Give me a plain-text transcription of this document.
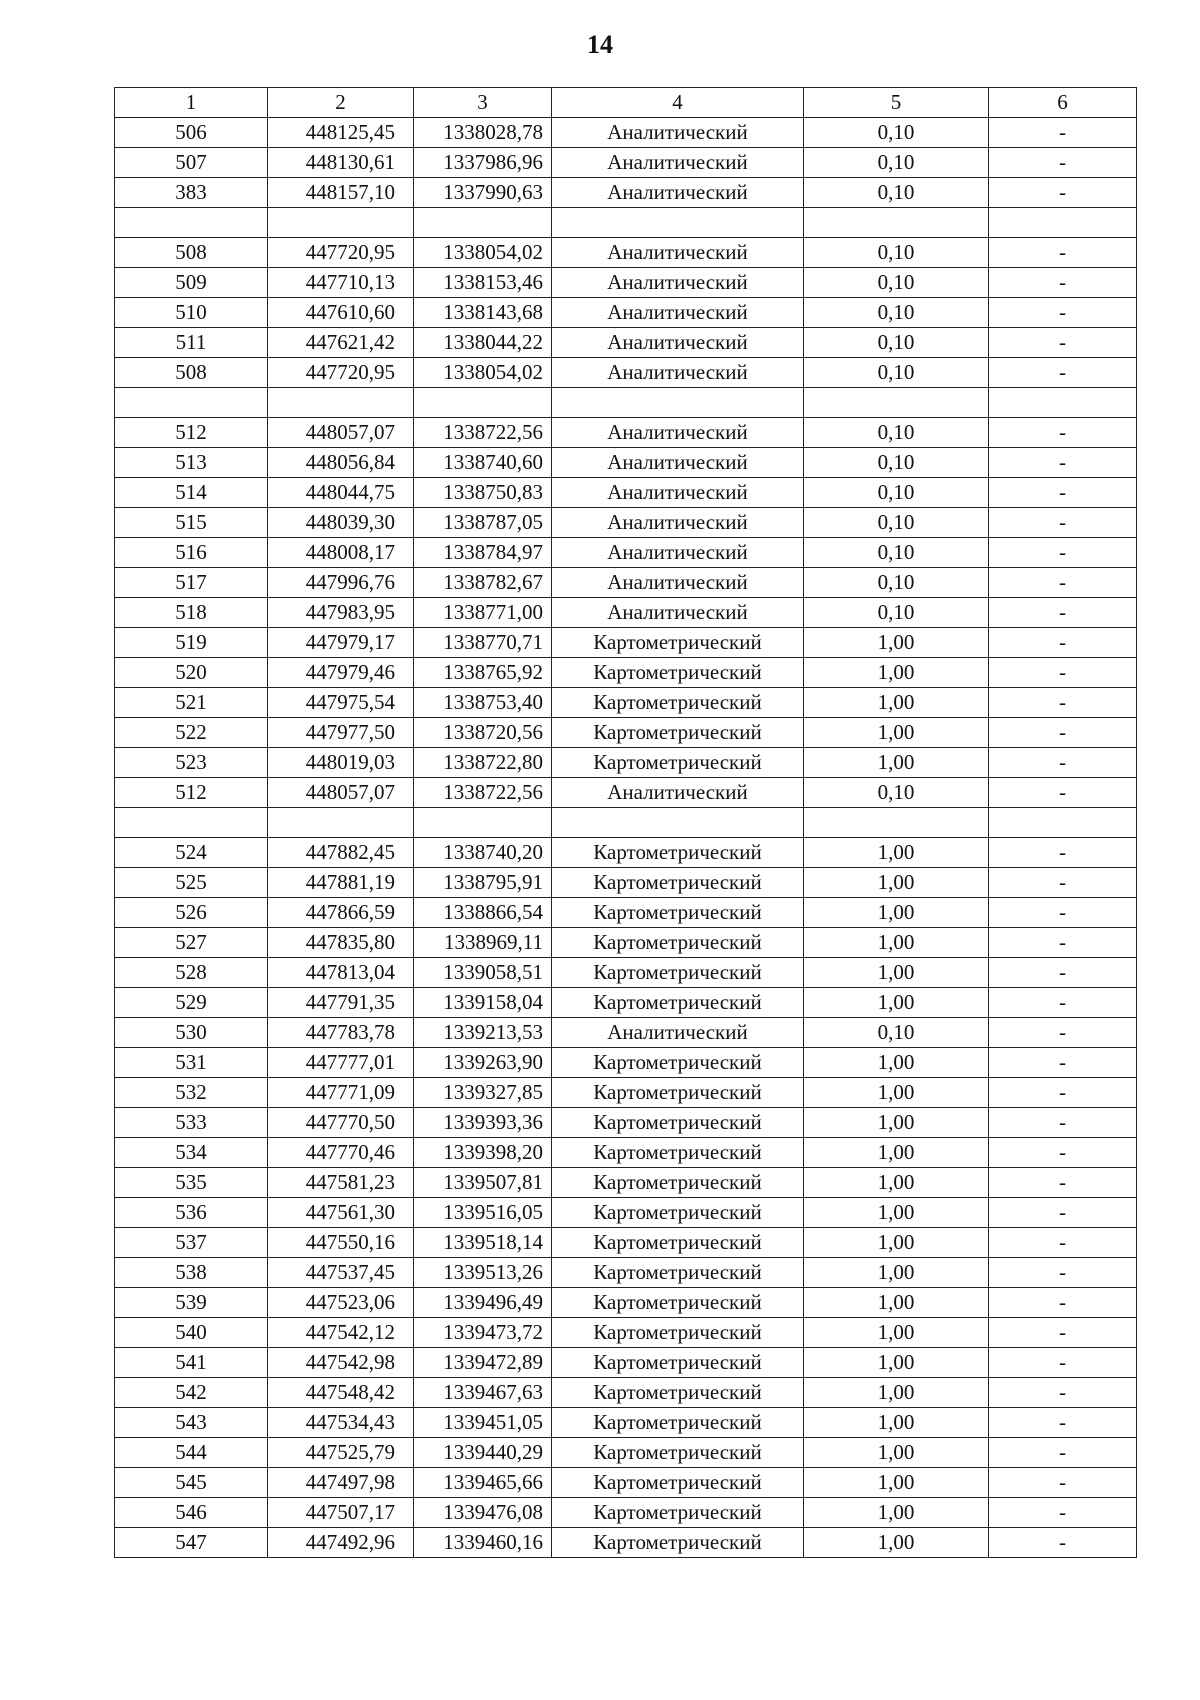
14
1	2	3	4	5	6
506	448125,45	1338028,78	Аналитический	0,10	-
507	448130,61	1337986,96	Аналитический	0,10	-
383	448157,10	1337990,63	Аналитический	0,10	-

508	447720,95	1338054,02	Аналитический	0,10	-
509	447710,13	1338153,46	Аналитический	0,10	-
510	447610,60	1338143,68	Аналитический	0,10	-
511	447621,42	1338044,22	Аналитический	0,10	-
508	447720,95	1338054,02	Аналитический	0,10	-

512	448057,07	1338722,56	Аналитический	0,10	-
513	448056,84	1338740,60	Аналитический	0,10	-
514	448044,75	1338750,83	Аналитический	0,10	-
515	448039,30	1338787,05	Аналитический	0,10	-
516	448008,17	1338784,97	Аналитический	0,10	-
517	447996,76	1338782,67	Аналитический	0,10	-
518	447983,95	1338771,00	Аналитический	0,10	-
519	447979,17	1338770,71	Картометрический	1,00	-
520	447979,46	1338765,92	Картометрический	1,00	-
521	447975,54	1338753,40	Картометрический	1,00	-
522	447977,50	1338720,56	Картометрический	1,00	-
523	448019,03	1338722,80	Картометрический	1,00	-
512	448057,07	1338722,56	Аналитический	0,10	-

524	447882,45	1338740,20	Картометрический	1,00	-
525	447881,19	1338795,91	Картометрический	1,00	-
526	447866,59	1338866,54	Картометрический	1,00	-
527	447835,80	1338969,11	Картометрический	1,00	-
528	447813,04	1339058,51	Картометрический	1,00	-
529	447791,35	1339158,04	Картометрический	1,00	-
530	447783,78	1339213,53	Аналитический	0,10	-
531	447777,01	1339263,90	Картометрический	1,00	-
532	447771,09	1339327,85	Картометрический	1,00	-
533	447770,50	1339393,36	Картометрический	1,00	-
534	447770,46	1339398,20	Картометрический	1,00	-
535	447581,23	1339507,81	Картометрический	1,00	-
536	447561,30	1339516,05	Картометрический	1,00	-
537	447550,16	1339518,14	Картометрический	1,00	-
538	447537,45	1339513,26	Картометрический	1,00	-
539	447523,06	1339496,49	Картометрический	1,00	-
540	447542,12	1339473,72	Картометрический	1,00	-
541	447542,98	1339472,89	Картометрический	1,00	-
542	447548,42	1339467,63	Картометрический	1,00	-
543	447534,43	1339451,05	Картометрический	1,00	-
544	447525,79	1339440,29	Картометрический	1,00	-
545	447497,98	1339465,66	Картометрический	1,00	-
546	447507,17	1339476,08	Картометрический	1,00	-
547	447492,96	1339460,16	Картометрический	1,00	-
